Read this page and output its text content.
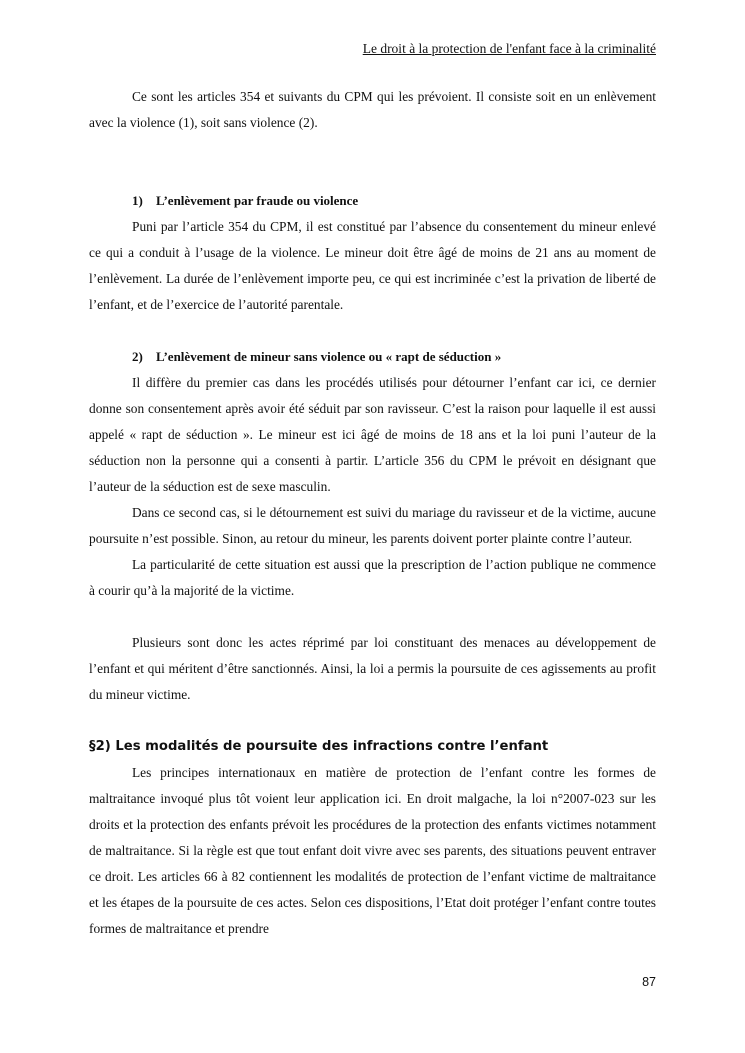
Le droit à la protection de l'enfant face à la criminalité

Ce sont les articles 354 et suivants du CPM qui les prévoient. Il consiste soit en un enlèvement avec la violence (1), soit sans violence (2).

1) L’enlèvement par fraude ou violence

Puni par l’article 354 du CPM, il est constitué par l’absence du consentement du mineur enlevé ce qui a conduit à l’usage de la violence. Le mineur doit être âgé de moins de 21 ans au moment de l’enlèvement. La durée de l’enlèvement importe peu, ce qui est incriminée c’est la privation de liberté de l’enfant, et de l’exercice de l’autorité parentale.

2) L’enlèvement de mineur sans violence ou « rapt de séduction »

Il diffère du premier cas dans les procédés utilisés pour détourner l’enfant car ici, ce dernier donne son consentement après avoir été séduit par son ravisseur. C’est la raison pour laquelle il est aussi appelé « rapt de séduction ». Le mineur est ici âgé de moins de 18 ans et la loi puni l’auteur de la séduction non la personne qui a consenti à partir. L’article 356 du CPM le prévoit en désignant que l’auteur de la séduction est de sexe masculin.

Dans ce second cas, si le détournement est suivi du mariage du ravisseur et de la victime, aucune poursuite n’est possible. Sinon, au retour du mineur, les parents doivent porter plainte contre l’auteur.

La particularité de cette situation est aussi que la prescription de l’action publique ne commence à courir qu’à la majorité de la victime.

Plusieurs sont donc les actes réprimé par loi constituant des menaces au développement de l’enfant et qui méritent d’être sanctionnés. Ainsi, la loi a permis la poursuite de ces agissements au profit du mineur victime.

§2) Les modalités de poursuite des infractions contre l’enfant

Les principes internationaux en matière de protection de l’enfant contre les formes de maltraitance invoqué plus tôt voient leur application ici. En droit malgache, la loi n°2007-023 sur les droits et la protection des enfants prévoit les procédures de la protection des enfants victimes notamment de maltraitance. Si la règle est que tout enfant doit vivre avec ses parents, des situations peuvent entraver ce droit. Les articles 66 à 82 contiennent les modalités de protection de l’enfant victime de maltraitance et les étapes de la poursuite de ces actes. Selon ces dispositions, l’Etat doit protéger l’enfant contre toutes formes de maltraitance et prendre

87
